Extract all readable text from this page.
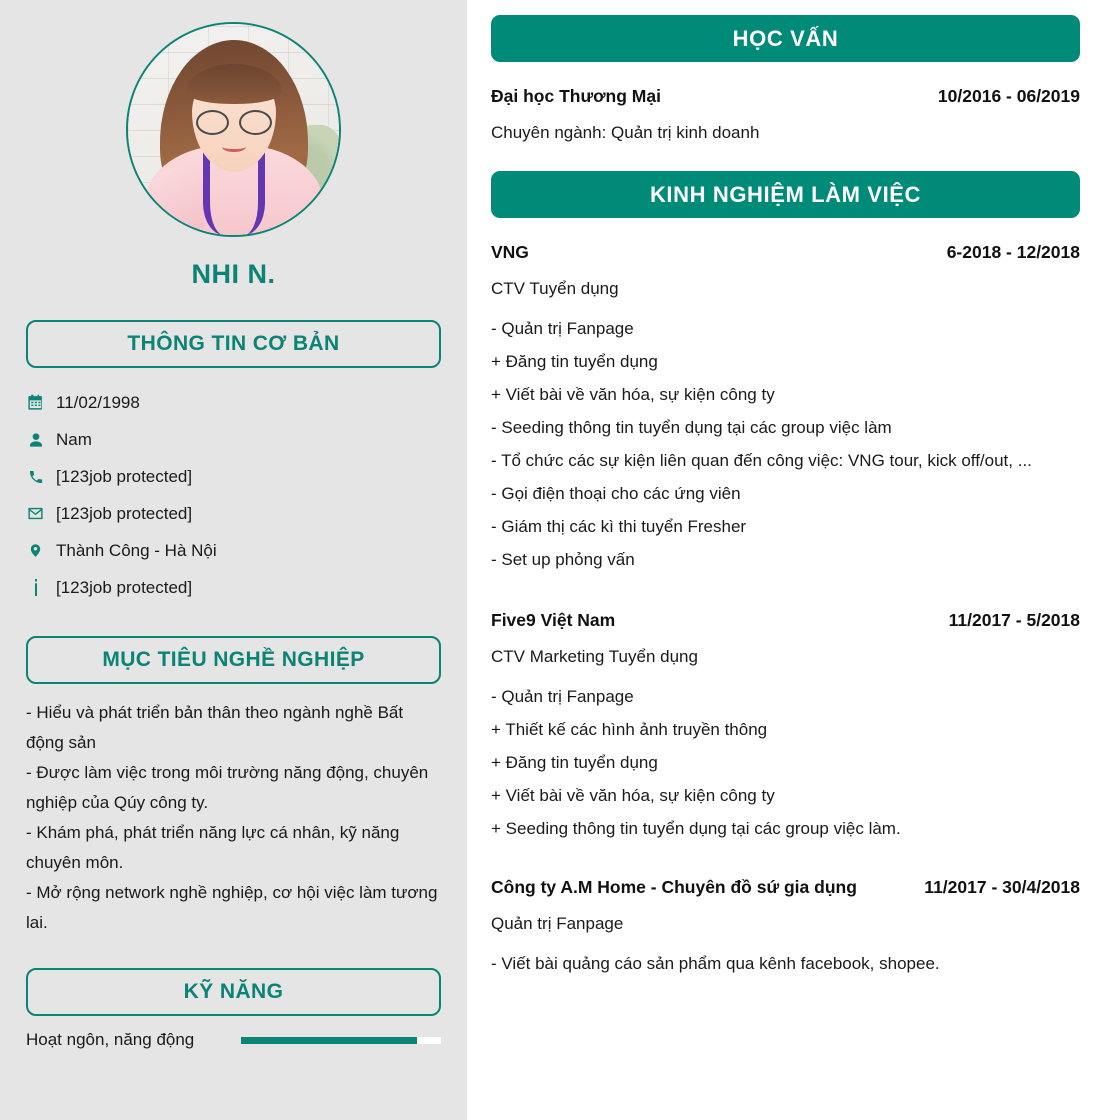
NHI N.
THÔNG TIN CƠ BẢN
11/02/1998
Nam
[123job protected]
[123job protected]
Thành Công - Hà Nội
[123job protected]
MỤC TIÊU NGHỀ NGHIỆP

- Hiểu và phát triển bản thân theo ngành nghề Bất động sản

- Được làm việc trong môi trường năng động, chuyên nghiệp của Qúy công ty.

- Khám phá, phát triển năng lực cá nhân, kỹ năng chuyên môn.

- Mở rộng network nghề nghiệp, cơ hội việc làm tương lai.

KỸ NĂNG
Hoạt ngôn, năng động
HỌC VẤN
Đại học Thương Mại	10/2016 - 06/2019
Chuyên ngành: Quản trị kinh doanh
KINH NGHIỆM LÀM VIỆC
VNG	6-2018 - 12/2018
CTV Tuyển dụng

- Quản trị Fanpage

+ Đăng tin tuyển dụng

+ Viết bài về văn hóa, sự kiện công ty

- Seeding thông tin tuyển dụng tại các group việc làm

- Tổ chức các sự kiện liên quan đến công việc: VNG tour, kick off/out, ...

- Gọi điện thoại cho các ứng viên

- Giám thị các kì thi tuyển Fresher

- Set up phỏng vấn

Five9 Việt Nam	11/2017 - 5/2018
CTV Marketing Tuyển dụng

- Quản trị Fanpage

+ Thiết kế các hình ảnh truyền thông

+ Đăng tin tuyển dụng

+ Viết bài về văn hóa, sự kiện công ty

+ Seeding thông tin tuyển dụng tại các group việc làm.

Công ty A.M Home - Chuyên đồ sứ gia dụng	11/2017 - 30/4/2018
Quản trị Fanpage

- Viết bài quảng cáo sản phẩm qua kênh facebook, shopee.
